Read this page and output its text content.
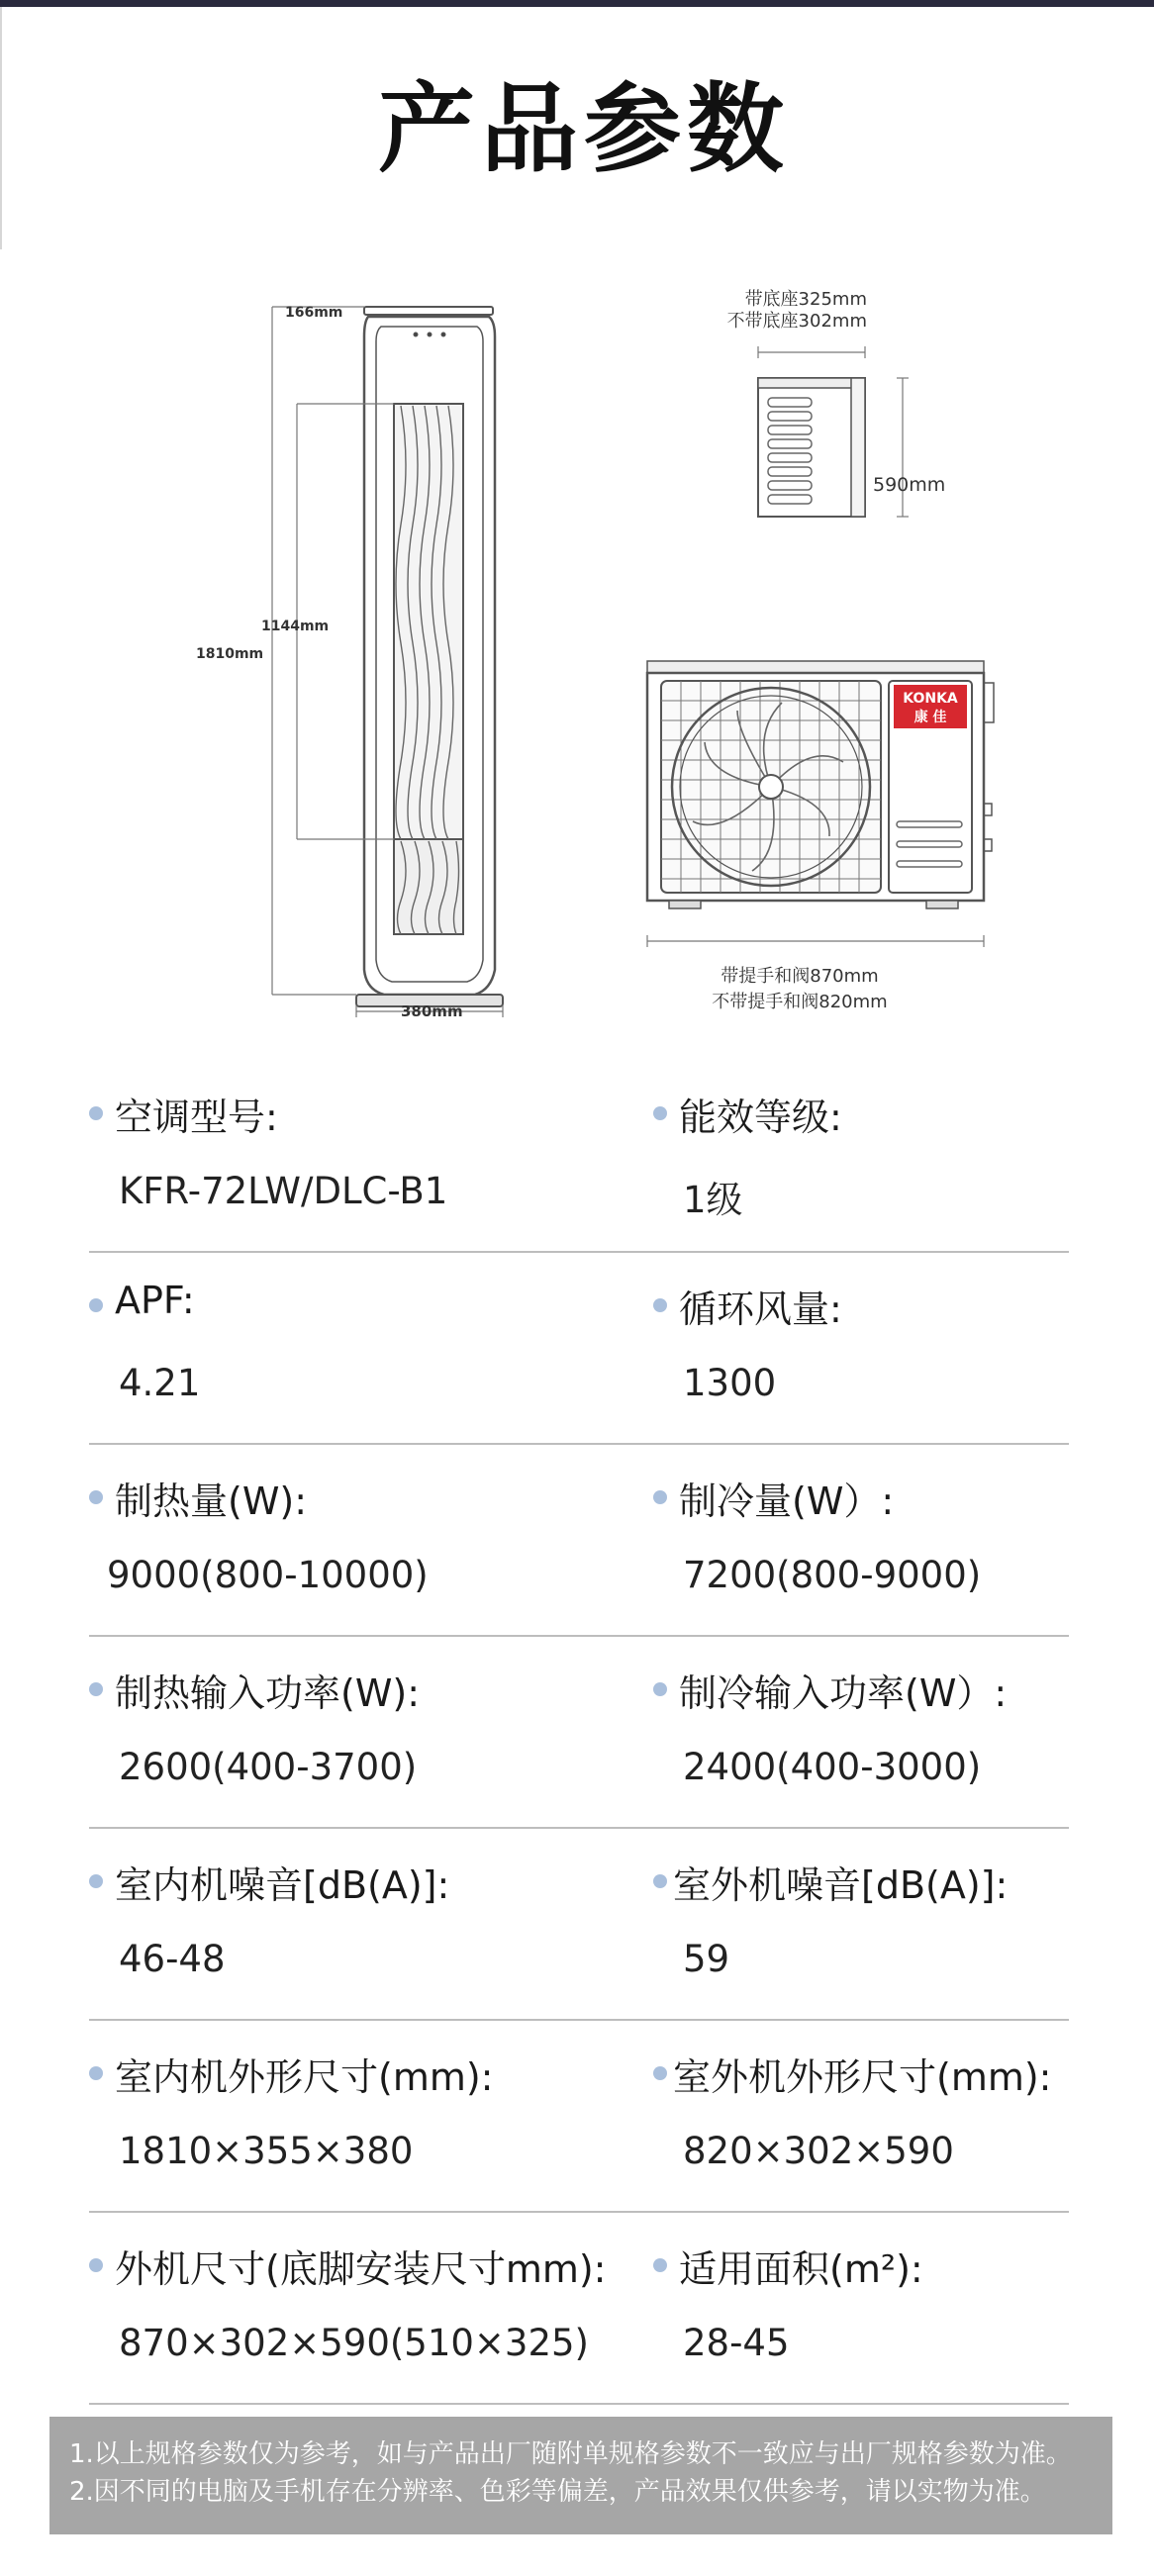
产品参数
166mm
1810mm
1144mm
380mm
带底座325mm
不带底座302mm
590mm
KONKA
康 佳
带提手和阀870mm
不带提手和阀820mm
空调型号:
KFR-72LW/DLC-B1
能效等级:
1级
APF:
4.21
循环风量:
1300
制热量(W):
9000(800-10000)
制冷量(W）:
7200(800-9000)
制热输入功率(W):
2600(400-3700)
制冷输入功率(W）:
2400(400-3000)
室内机噪音[dB(A)]:
46-48
室外机噪音[dB(A)]:
59
室内机外形尺寸(mm):
1810×355×380
室外机外形尺寸(mm):
820×302×590
外机尺寸(底脚安装尺寸mm):
870×302×590(510×325)
适用面积(m²):
28-45
1.以上规格参数仅为参考，如与产品出厂随附单规格参数不一致应与出厂规格参数为准。
2.因不同的电脑及手机存在分辨率、色彩等偏差，产品效果仅供参考，请以实物为准。
